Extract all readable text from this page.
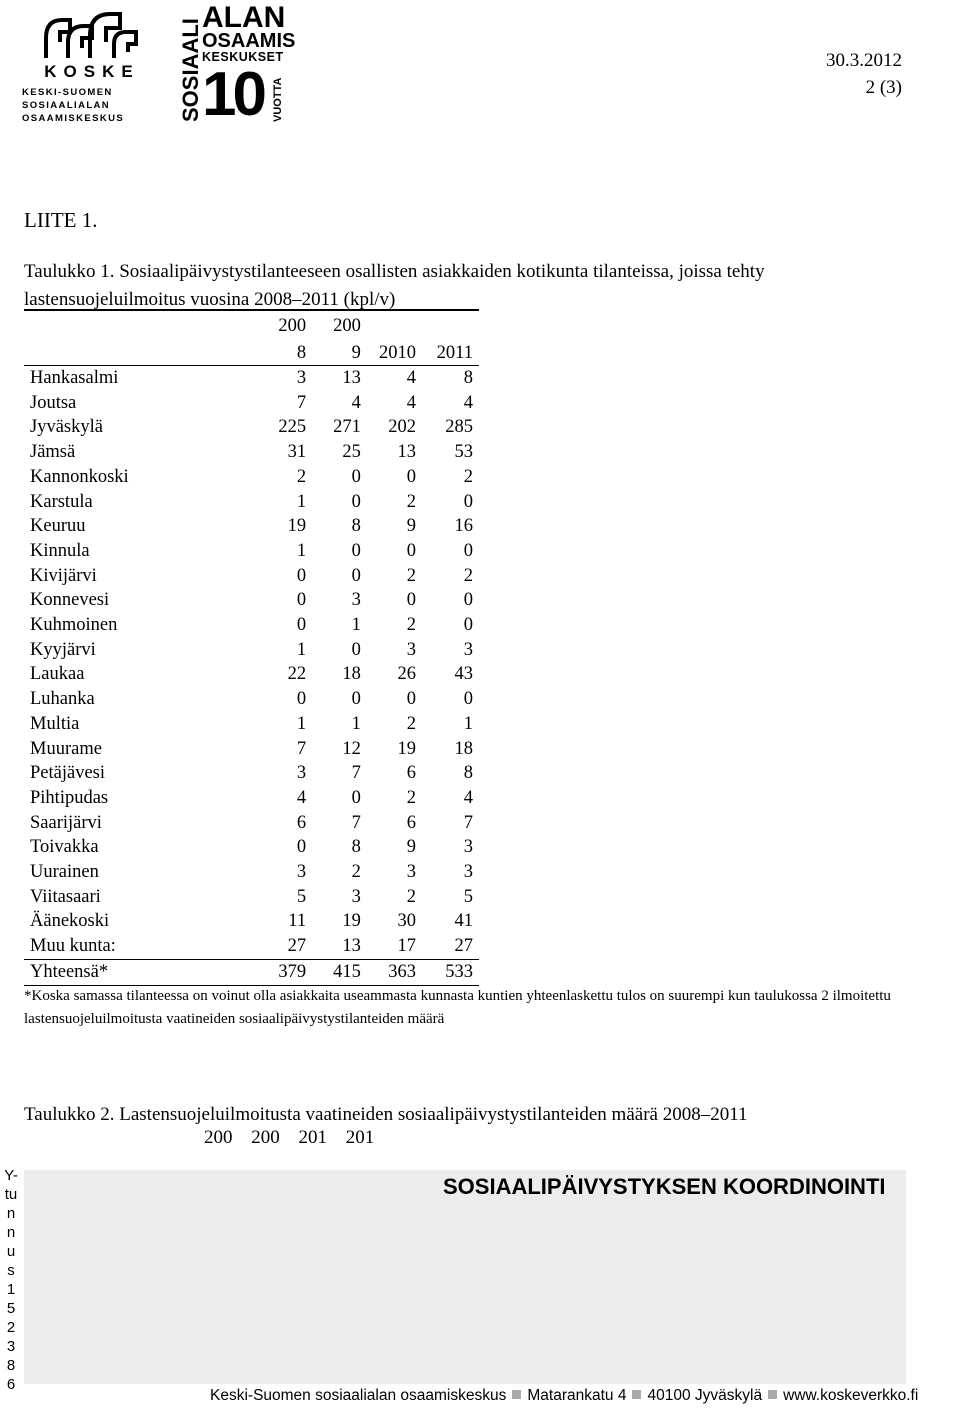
KOSKE
KESKI-SUOMEN
SOSIAALIALAN
OSAAMISKESKUS	SOSIAALI
ALAN
OSAAMIS
KESKUKSET
10 VUOTTA
30.3.2012
2 (3)
LIITE 1.
Taulukko 1. Sosiaalipäivystystilanteeseen osallisten asiakkaiden kotikunta tilanteissa, joissa tehty lastensuojeluilmoitus vuosina 2008–2011 (kpl/v)
	200	200		
	8	9	2010	2011
Hankasalmi	3	13	4	8
Joutsa	7	4	4	4
Jyväskylä	225	271	202	285
Jämsä	31	25	13	53
Kannonkoski	2	0	0	2
Karstula	1	0	2	0
Keuruu	19	8	9	16
Kinnula	1	0	0	0
Kivijärvi	0	0	2	2
Konnevesi	0	3	0	0
Kuhmoinen	0	1	2	0
Kyyjärvi	1	0	3	3
Laukaa	22	18	26	43
Luhanka	0	0	0	0
Multia	1	1	2	1
Muurame	7	12	19	18
Petäjävesi	3	7	6	8
Pihtipudas	4	0	2	4
Saarijärvi	6	7	6	7
Toivakka	0	8	9	3
Uurainen	3	2	3	3
Viitasaari	5	3	2	5
Äänekoski	11	19	30	41
Muu kunta:	27	13	17	27
Yhteensä*	379	415	363	533
*Koska samassa tilanteessa on voinut olla asiakkaita useammasta kunnasta kuntien yhteenlaskettu tulos on suurempi kun taulukossa 2 ilmoitettu lastensuojeluilmoitusta vaatineiden sosiaalipäivystystilanteiden määrä
Taulukko 2. Lastensuojeluilmoitusta vaatineiden sosiaalipäivystystilanteiden määrä 2008–2011
200 200 201 201
Y-
tu
n
n
u
s
1
5
2
3
8
6
SOSIAALIPÄIVYSTYKSEN KOORDINOINTI
Keski-Suomen sosiaalialan osaamiskeskus Matarankatu 4 40100 Jyväskylä www.koskeverkko.fi
